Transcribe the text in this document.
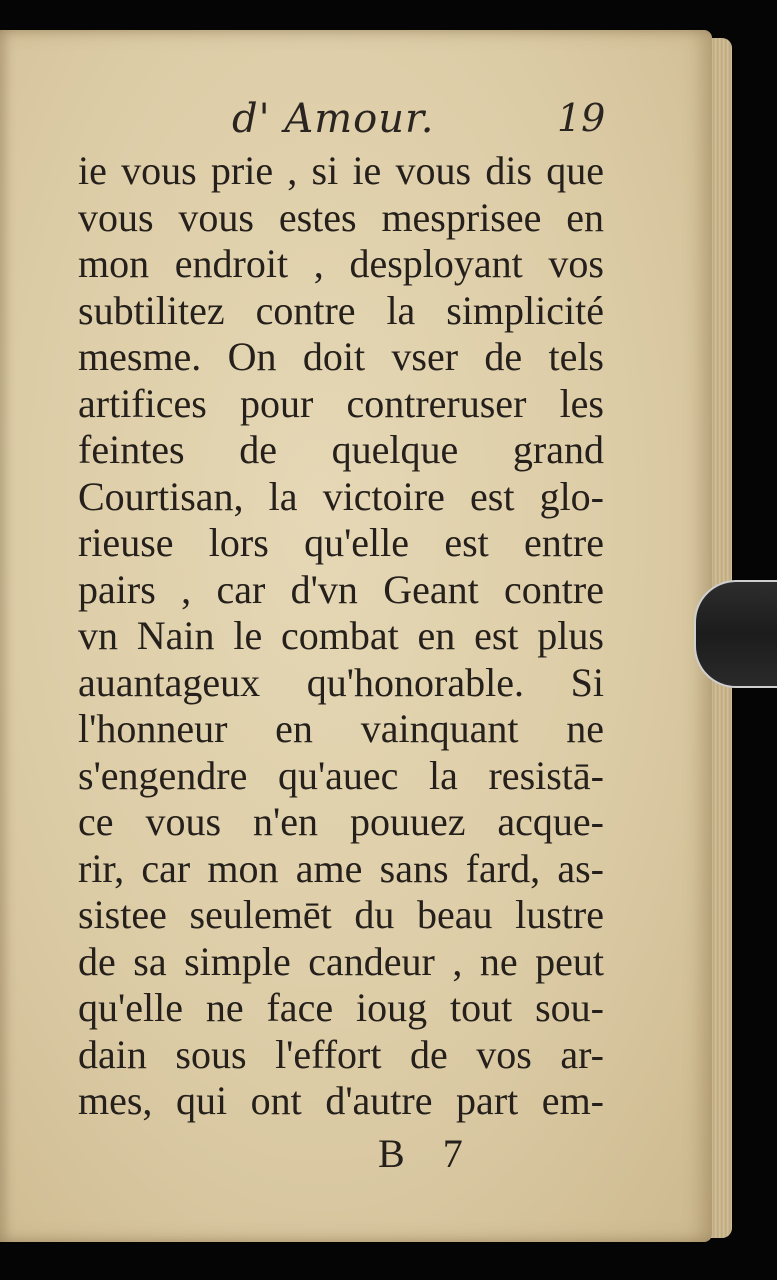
d' Amour.	19
ie vous prie , si ie vous dis que
vous vous estes mesprisee en
mon endroit , desployant vos
subtilitez contre la simplicité
mesme. On doit vser de tels
artifices pour contreruser les
feintes de quelque grand
Courtisan, la victoire est glo-
rieuse lors qu'elle est entre
pairs , car d'vn Geant contre
vn Nain le combat en est plus
auantageux qu'honorable. Si
l'honneur en vainquant ne
s'engendre qu'auec la resistā-
ce vous n'en pouuez acque-
rir, car mon ame sans fard, as-
sistee seulemēt du beau lustre
de sa simple candeur , ne peut
qu'elle ne face ioug tout sou-
dain sous l'effort de vos ar-
mes, qui ont d'autre part em-
B 7
